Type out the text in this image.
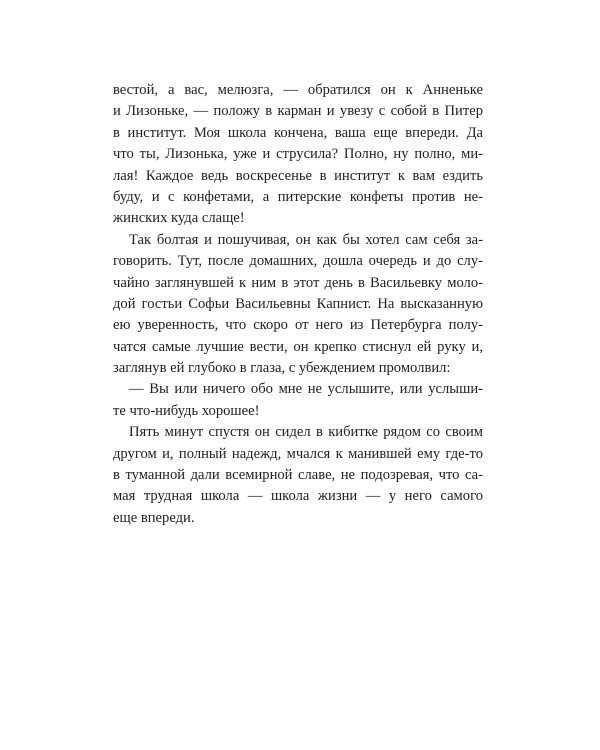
вестой, а вас, мелюзга, — обратился он к Анненьке
и Лизоньке, — положу в карман и увезу с собой в Питер
в институт. Моя школа кончена, ваша еще впереди. Да
что ты, Лизонька, уже и струсила? Полно, ну полно, ми-
лая! Каждое ведь воскресенье в институт к вам ездить
буду, и с конфетами, а питерские конфеты против не-
жинских куда слаще!
Так болтая и пошучивая, он как бы хотел сам себя за-
говорить. Тут, после домашних, дошла очередь и до слу-
чайно заглянувшей к ним в этот день в Васильевку моло-
дой гостьи Софьи Васильевны Капнист. На высказанную
ею уверенность, что скоро от него из Петербурга полу-
чатся самые лучшие вести, он крепко стиснул ей руку и,
заглянув ей глубоко в глаза, с убеждением промолвил:
— Вы или ничего обо мне не услышите, или услыши-
те что-нибудь хорошее!
Пять минут спустя он сидел в кибитке рядом со своим
другом и, полный надежд, мчался к манившей ему где-то
в туманной дали всемирной славе, не подозревая, что са-
мая трудная школа — школа жизни — у него самого
еще впереди.
